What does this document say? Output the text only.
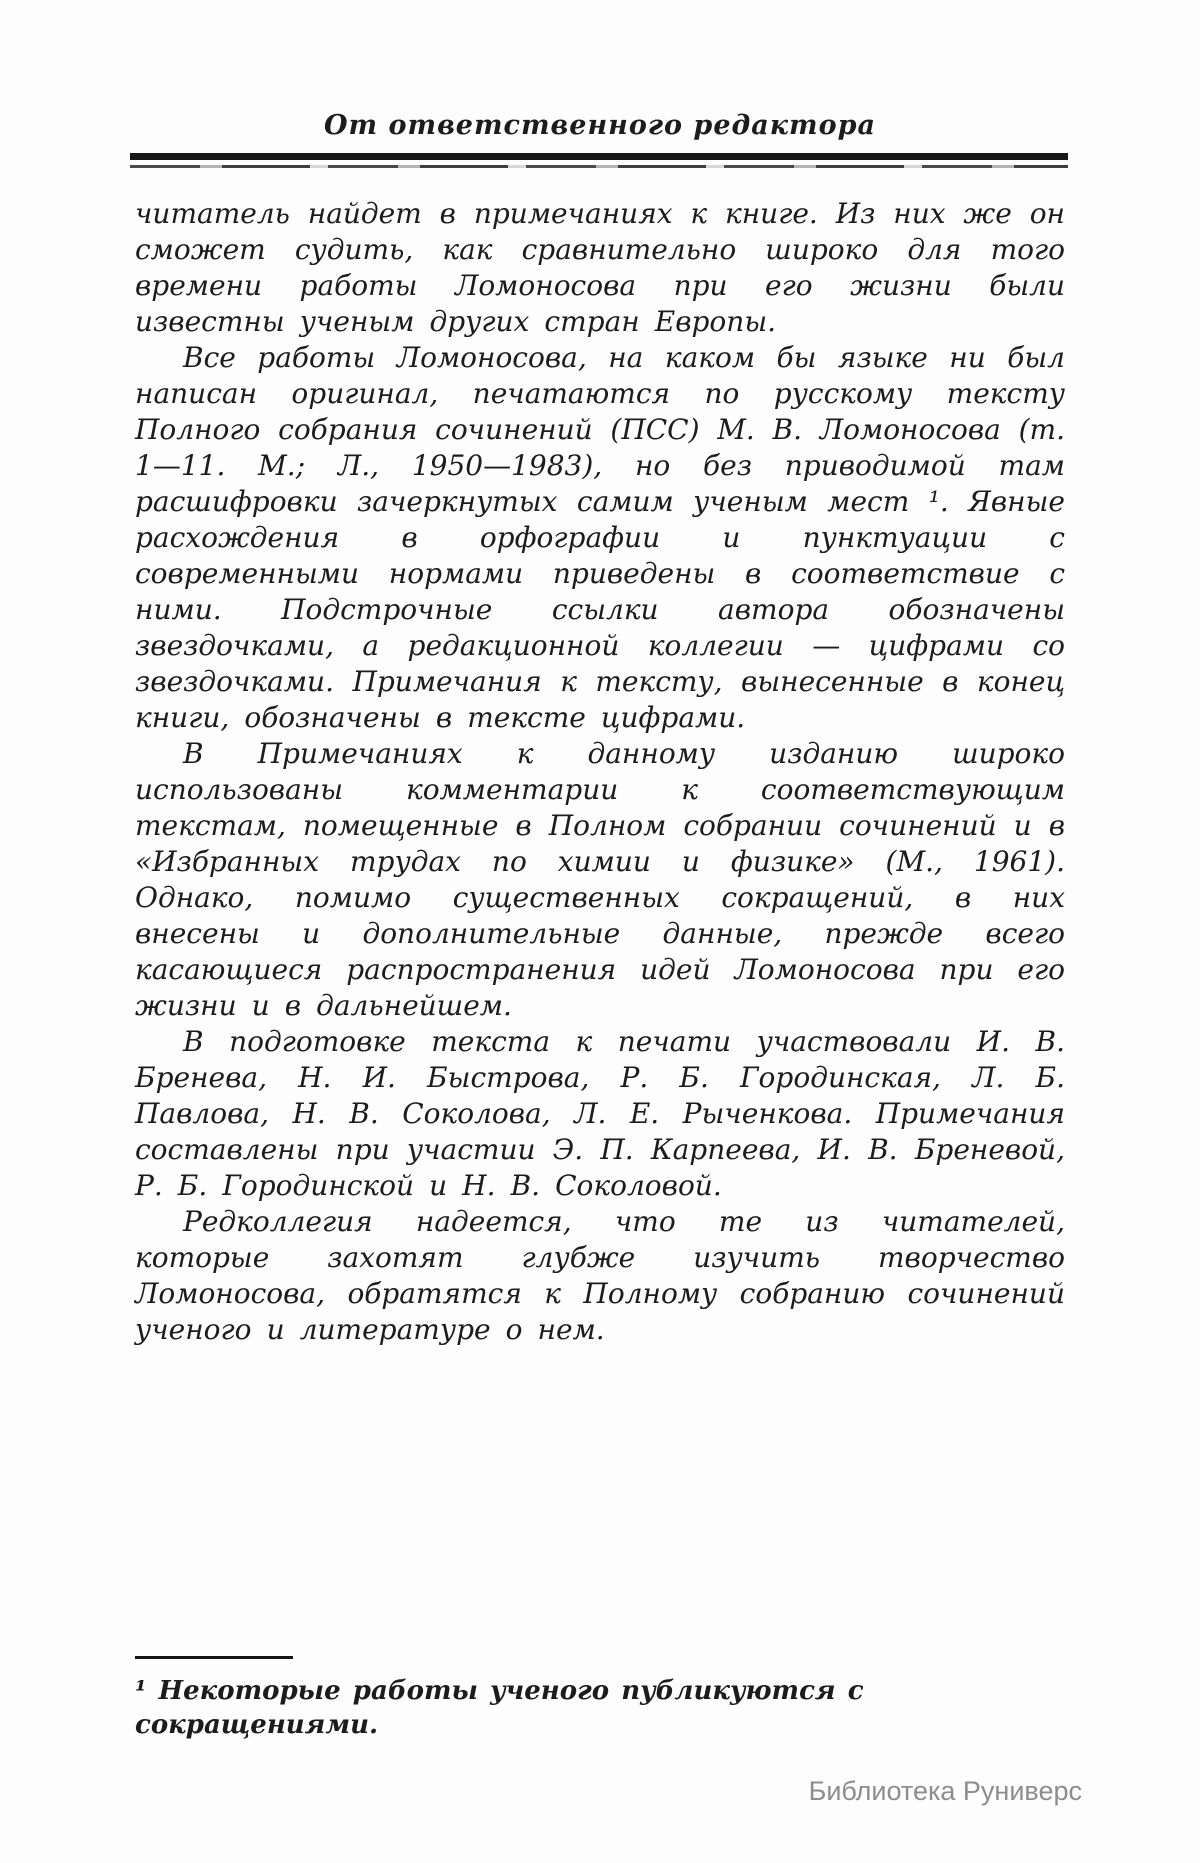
От ответственного редактора

читатель найдет в примечаниях к книге. Из них же он сможет судить, как сравнительно широко для того времени работы Ломоносова при его жизни были известны ученым других стран Европы.

Все работы Ломоносова, на каком бы языке ни был написан оригинал, печатаются по русскому тексту Полного собрания сочинений (ПСС) М. В. Ломоносова (т. 1—11. М.; Л., 1950—1983), но без приводимой там расшифровки зачеркнутых самим ученым мест ¹. Явные расхождения в орфографии и пунктуации с современными нормами приведены в соответствие с ними. Подстрочные ссылки автора обозначены звездочками, а редакционной коллегии — цифрами со звездочками. Примечания к тексту, вынесенные в конец книги, обозначены в тексте цифрами.

В Примечаниях к данному изданию широко использованы комментарии к соответствующим текстам, помещенные в Полном собрании сочинений и в «Избранных трудах по химии и физике» (М., 1961). Однако, помимо существенных сокращений, в них внесены и дополнительные данные, прежде всего касающиеся распространения идей Ломоносова при его жизни и в дальнейшем.

В подготовке текста к печати участвовали И. В. Бренева, Н. И. Быстрова, Р. Б. Городинская, Л. Б. Павлова, Н. В. Соколова, Л. Е. Рыченкова. Примечания составлены при участии Э. П. Карпеева, И. В. Бреневой, Р. Б. Городинской и Н. В. Соколовой.

Редколлегия надеется, что те из читателей, которые захотят глубже изучить творчество Ломоносова, обратятся к Полному собранию сочинений ученого и литературе о нем.

¹ Некоторые работы ученого публикуются с сокращениями.
Библиотека Руниверс
